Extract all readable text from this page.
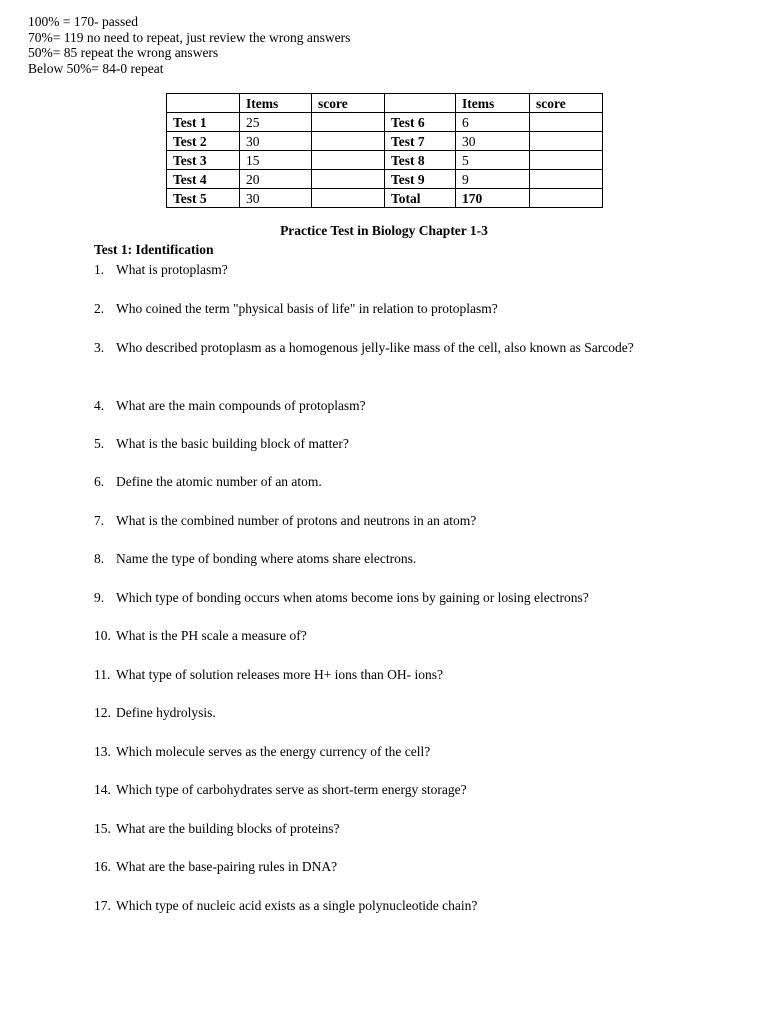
100% = 170- passed
70%= 119 no need to repeat, just review the wrong answers
50%= 85 repeat the wrong answers
Below 50%= 84-0 repeat
	Items	score		Items	score
Test 1	25		Test 6	6	
Test 2	30		Test 7	30	
Test 3	15		Test 8	5	
Test 4	20		Test 9	9	
Test 5	30		Total	170	
Practice Test in Biology Chapter 1-3
Test 1: Identification
1. What is protoplasm?
2. Who coined the term "physical basis of life" in relation to protoplasm?
3. Who described protoplasm as a homogenous jelly-like mass of the cell, also known as Sarcode?
4. What are the main compounds of protoplasm?
5. What is the basic building block of matter?
6. Define the atomic number of an atom.
7. What is the combined number of protons and neutrons in an atom?
8. Name the type of bonding where atoms share electrons.
9. Which type of bonding occurs when atoms become ions by gaining or losing electrons?
10. What is the PH scale a measure of?
11. What type of solution releases more H+ ions than OH- ions?
12. Define hydrolysis.
13. Which molecule serves as the energy currency of the cell?
14. Which type of carbohydrates serve as short-term energy storage?
15. What are the building blocks of proteins?
16. What are the base-pairing rules in DNA?
17. Which type of nucleic acid exists as a single polynucleotide chain?
